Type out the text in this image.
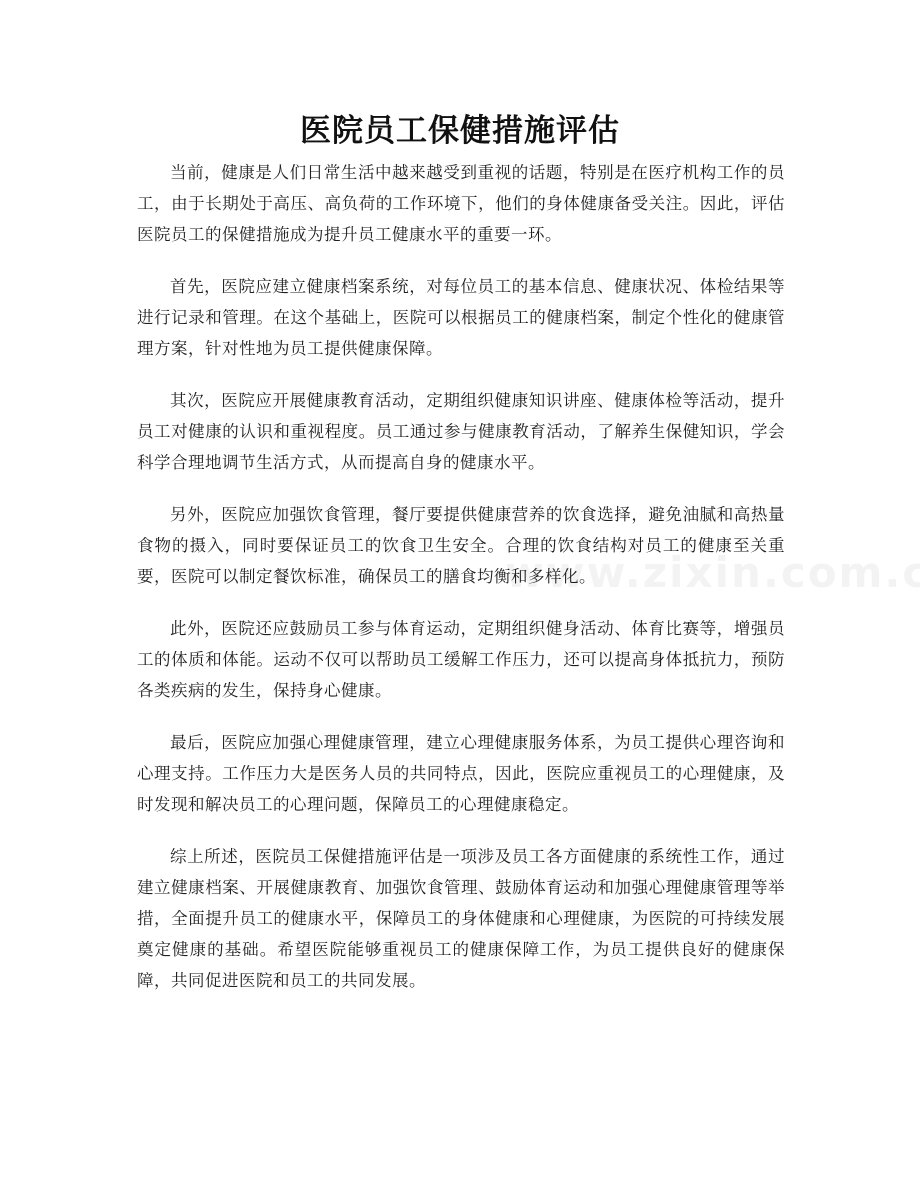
医院员工保健措施评估

当前，健康是人们日常生活中越来越受到重视的话题，特别是在医疗机构工作的员工，由于长期处于高压、高负荷的工作环境下，他们的身体健康备受关注。因此，评估医院员工的保健措施成为提升员工健康水平的重要一环。

首先，医院应建立健康档案系统，对每位员工的基本信息、健康状况、体检结果等进行记录和管理。在这个基础上，医院可以根据员工的健康档案，制定个性化的健康管理方案，针对性地为员工提供健康保障。

其次，医院应开展健康教育活动，定期组织健康知识讲座、健康体检等活动，提升员工对健康的认识和重视程度。员工通过参与健康教育活动，了解养生保健知识，学会科学合理地调节生活方式，从而提高自身的健康水平。

另外，医院应加强饮食管理，餐厅要提供健康营养的饮食选择，避免油腻和高热量食物的摄入，同时要保证员工的饮食卫生安全。合理的饮食结构对员工的健康至关重要，医院可以制定餐饮标准，确保员工的膳食均衡和多样化。

此外，医院还应鼓励员工参与体育运动，定期组织健身活动、体育比赛等，增强员工的体质和体能。运动不仅可以帮助员工缓解工作压力，还可以提高身体抵抗力，预防各类疾病的发生，保持身心健康。

最后，医院应加强心理健康管理，建立心理健康服务体系，为员工提供心理咨询和心理支持。工作压力大是医务人员的共同特点，因此，医院应重视员工的心理健康，及时发现和解决员工的心理问题，保障员工的心理健康稳定。

综上所述，医院员工保健措施评估是一项涉及员工各方面健康的系统性工作，通过建立健康档案、开展健康教育、加强饮食管理、鼓励体育运动和加强心理健康管理等举措，全面提升员工的健康水平，保障员工的身体健康和心理健康，为医院的可持续发展奠定健康的基础。希望医院能够重视员工的健康保障工作，为员工提供良好的健康保障，共同促进医院和员工的共同发展。
